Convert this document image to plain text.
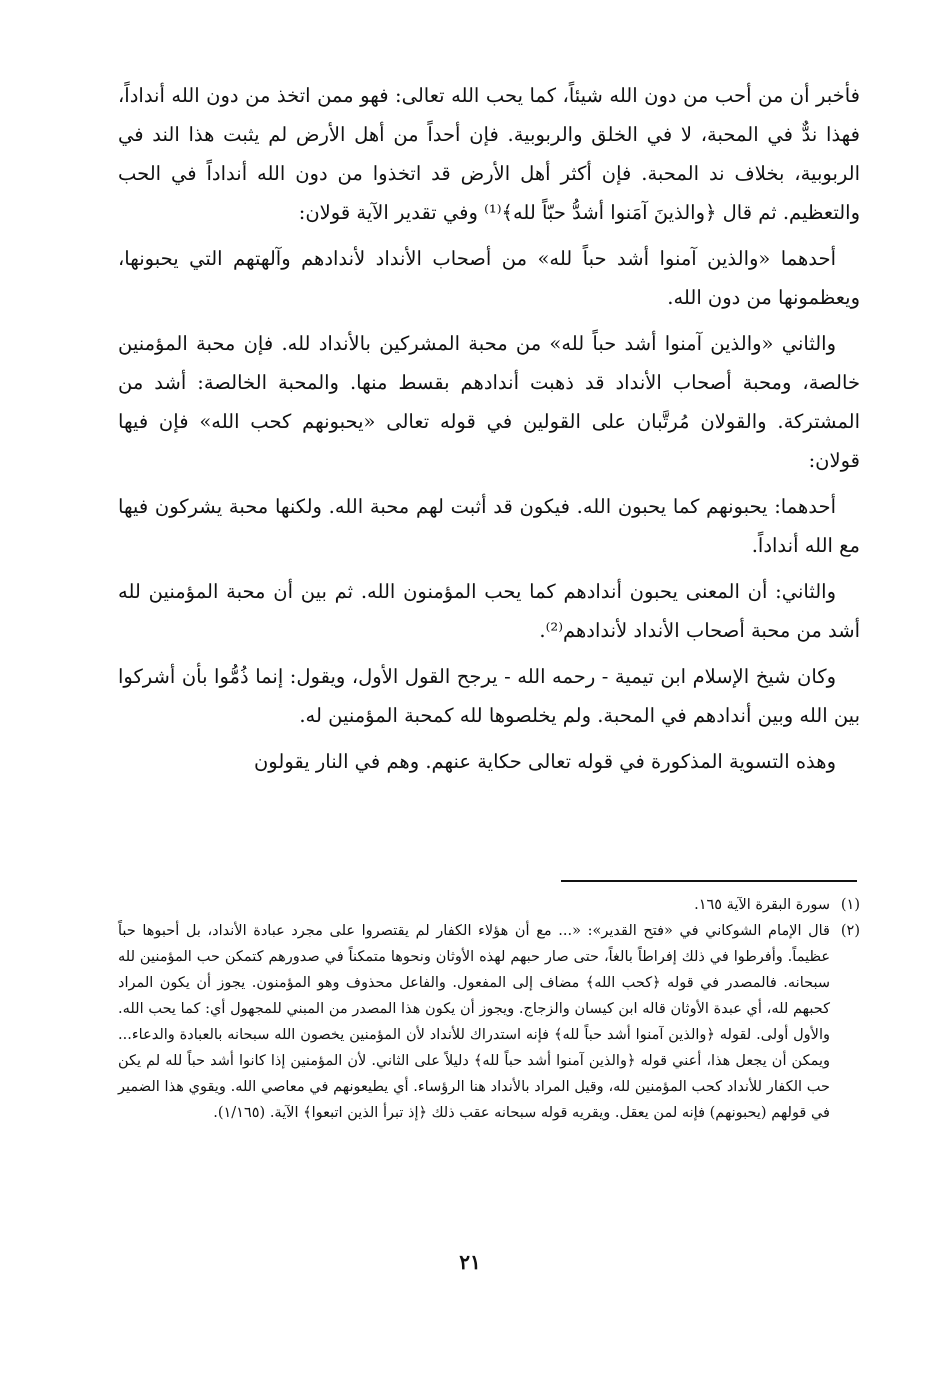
فأخبر أن من أحب من دون الله شيئاً، كما يحب الله تعالى: فهو ممن اتخذ من دون الله أنداداً، فهذا ندٌّ في المحبة، لا في الخلق والربوبية. فإن أحداً من أهل الأرض لم يثبت هذا الند في الربوبية، بخلاف ند المحبة. فإن أكثر أهل الأرض قد اتخذوا من دون الله أنداداً في الحب والتعظيم. ثم قال ﴿والذينَ آمَنوا أشدُّ حبّاً لله﴾⁽¹⁾ وفي تقدير الآية قولان:

أحدهما «والذين آمنوا أشد حباً لله» من أصحاب الأنداد لأندادهم وآلهتهم التي يحبونها، ويعظمونها من دون الله.

والثاني «والذين آمنوا أشد حباً لله» من محبة المشركين بالأنداد لله. فإن محبة المؤمنين خالصة، ومحبة أصحاب الأنداد قد ذهبت أندادهم بقسط منها. والمحبة الخالصة: أشد من المشتركة. والقولان مُرتَّبان على القولين في قوله تعالى «يحبونهم كحب الله» فإن فيها قولان:

أحدهما: يحبونهم كما يحبون الله. فيكون قد أثبت لهم محبة الله. ولكنها محبة يشركون فيها مع الله أنداداً.

والثاني: أن المعنى يحبون أندادهم كما يحب المؤمنون الله. ثم بين أن محبة المؤمنين لله أشد من محبة أصحاب الأنداد لأندادهم⁽²⁾.

وكان شيخ الإسلام ابن تيمية - رحمه الله - يرجح القول الأول، ويقول: إنما ذُمُّوا بأن أشركوا بين الله وبين أندادهم في المحبة. ولم يخلصوها لله كمحبة المؤمنين له.

وهذه التسوية المذكورة في قوله تعالى حكاية عنهم. وهم في النار يقولون

(١)
سورة البقرة الآية ١٦٥.
(٢)
قال الإمام الشوكاني في «فتح القدير»: «... مع أن هؤلاء الكفار لم يقتصروا على مجرد عبادة الأنداد، بل أحبوها حباً عظيماً. وأفرطوا في ذلك إفراطاً بالغاً، حتى صار حبهم لهذه الأوثان ونحوها متمكناً في صدورهم كتمكن حب المؤمنين لله سبحانه. فالمصدر في قوله ﴿كحب الله﴾ مضاف إلى المفعول. والفاعل محذوف وهو المؤمنون. يجوز أن يكون المراد كحبهم لله، أي عبدة الأوثان قاله ابن كيسان والزجاج. ويجوز أن يكون هذا المصدر من المبني للمجهول أي: كما يحب الله. والأول أولى. لقوله ﴿والذين آمنوا أشد حباً لله﴾ فإنه استدراك للأنداد لأن المؤمنين يخصون الله سبحانه بالعبادة والدعاء... ويمكن أن يجعل هذا، أعني قوله ﴿والذين آمنوا أشد حباً لله﴾ دليلاً على الثاني. لأن المؤمنين إذا كانوا أشد حباً لله لم يكن حب الكفار للأنداد كحب المؤمنين لله، وقيل المراد بالأنداد هنا الرؤساء. أي يطيعونهم في معاصي الله. ويقوي هذا الضمير في قولهم (يحبونهم) فإنه لمن يعقل. ويقريه قوله سبحانه عقب ذلك ﴿إذ تبرأ الذين اتبعوا﴾ الآية. (١/١٦٥).
٢١
